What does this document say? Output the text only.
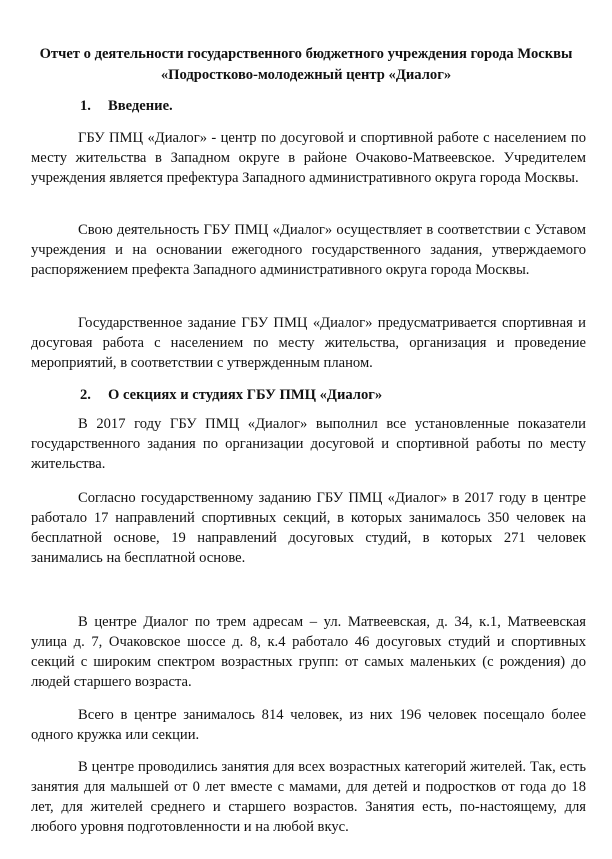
Отчет о деятельности государственного бюджетного учреждения города Москвы «Подростково-молодежный центр «Диалог»

1. Введение.

ГБУ ПМЦ «Диалог» - центр по досуговой и спортивной работе с населением по месту жительства в Западном округе в районе Очаково-Матвеевское. Учредителем учреждения является префектура Западного административного округа города Москвы.

Свою деятельность ГБУ ПМЦ «Диалог» осуществляет в соответствии с Уставом учреждения и на основании ежегодного государственного задания, утверждаемого распоряжением префекта Западного административного округа города Москвы.

Государственное задание ГБУ ПМЦ «Диалог» предусматривается спортивная и досуговая работа с населением по месту жительства, организация и проведение мероприятий, в соответствии с утвержденным планом.

2. О секциях и студиях ГБУ ПМЦ «Диалог»

В 2017 году ГБУ ПМЦ «Диалог» выполнил все установленные показатели государственного задания по организации досуговой и спортивной работы по месту жительства.

Согласно государственному заданию ГБУ ПМЦ «Диалог» в 2017 году в центре работало 17 направлений спортивных секций, в которых занималось 350 человек на бесплатной основе, 19 направлений досуговых студий, в которых 271 человек занимались на бесплатной основе.

В центре Диалог по трем адресам – ул. Матвеевская, д. 34, к.1, Матвеевская улица д. 7, Очаковское шоссе д. 8, к.4 работало 46 досуговых студий и спортивных секций с широким спектром возрастных групп: от самых маленьких (с рождения) до людей старшего возраста.

Всего в центре занималось 814 человек, из них 196 человек посещало более одного кружка или секции.

В центре проводились занятия для всех возрастных категорий жителей. Так, есть занятия для малышей от 0 лет вместе с мамами, для детей и подростков от года до 18 лет, для жителей среднего и старшего возрастов. Занятия есть, по-настоящему, для любого уровня подготовленности и на любой вкус.
